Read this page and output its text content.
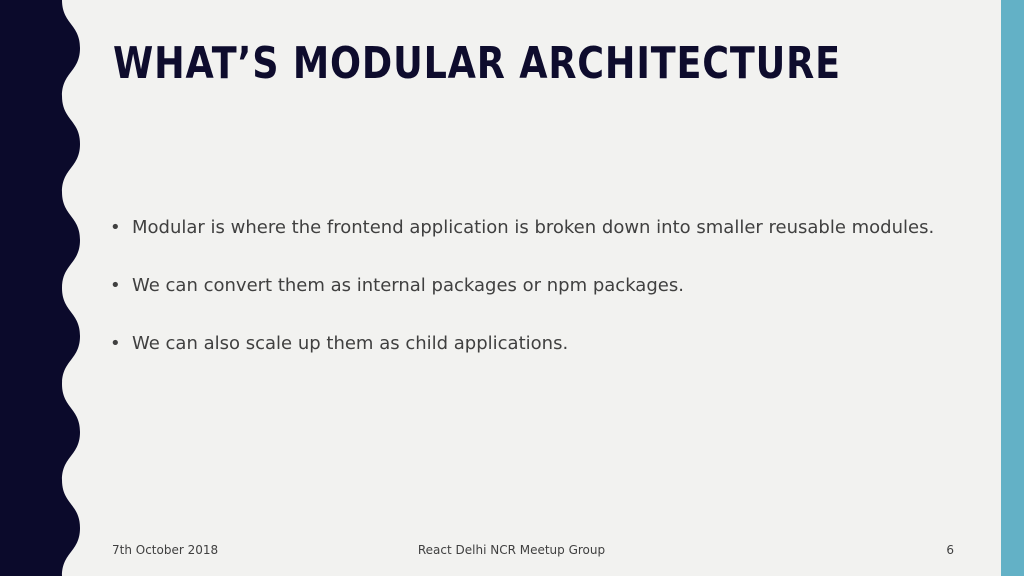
WHAT’S MODULAR ARCHITECTURE
• Modular is where the frontend application is broken down into smaller reusable modules.
• We can convert them as internal packages or npm packages.
• We can also scale up them as child applications.
7th October 2018	React Delhi NCR Meetup Group	6
